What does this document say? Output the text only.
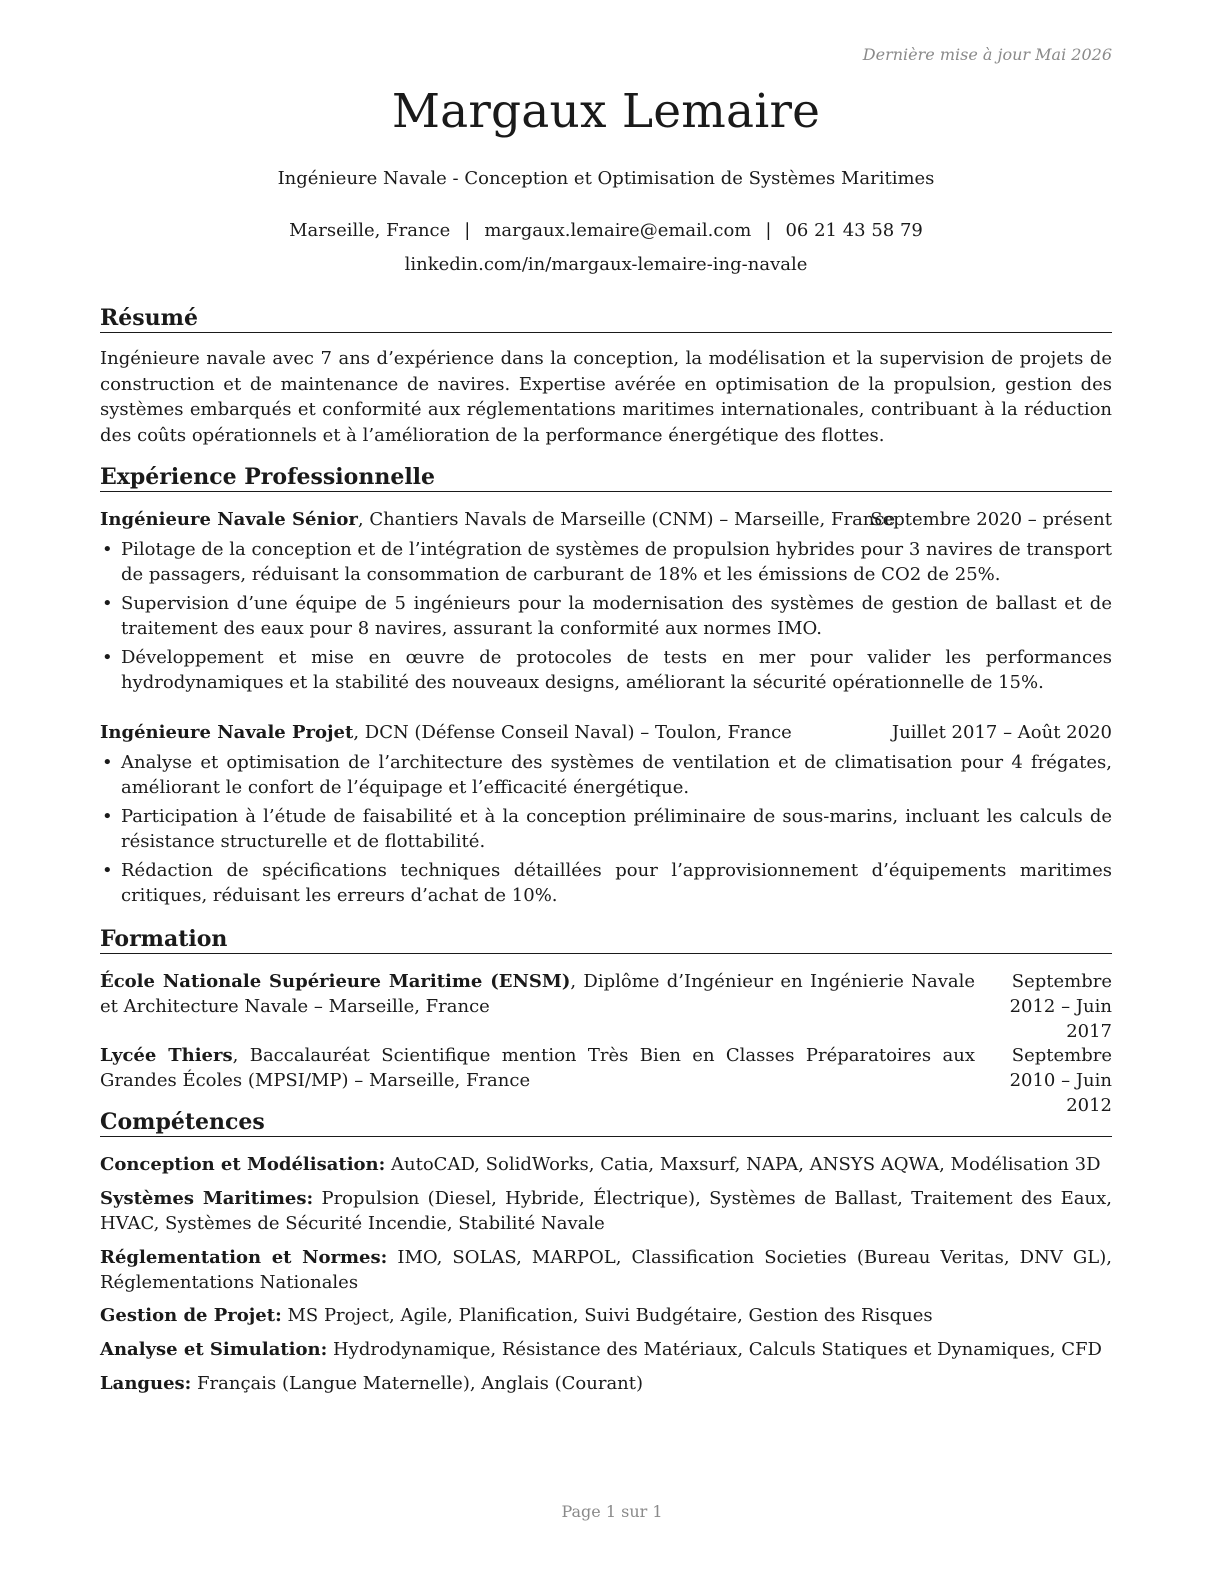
Dernière mise à jour Mai 2026
Margaux Lemaire
Ingénieure Navale - Conception et Optimisation de Systèmes Maritimes
Marseille, France | margaux.lemaire@email.com | 06 21 43 58 79
linkedin.com/in/margaux-lemaire-ing-navale
Résumé
Ingénieure navale avec 7 ans d’expérience dans la conception, la modélisation et la supervision de projets de construction et de maintenance de navires. Expertise avérée en optimisation de la propulsion, gestion des systèmes embarqués et conformité aux réglementations maritimes internationales, contribuant à la réduction des coûts opérationnels et à l’amélioration de la performance énergétique des flottes.
Expérience Professionnelle
Ingénieure Navale Sénior, Chantiers Navals de Marseille (CNM) – Marseille, France
Septembre 2020 – présent
• Pilotage de la conception et de l’intégration de systèmes de propulsion hybrides pour 3 navires de transport de passagers, réduisant la consommation de carburant de 18% et les émissions de CO2 de 25%.
• Supervision d’une équipe de 5 ingénieurs pour la modernisation des systèmes de gestion de ballast et de traitement des eaux pour 8 navires, assurant la conformité aux normes IMO.
• Développement et mise en œuvre de protocoles de tests en mer pour valider les performances hydrodynamiques et la stabilité des nouveaux designs, améliorant la sécurité opérationnelle de 15%.
Ingénieure Navale Projet, DCN (Défense Conseil Naval) – Toulon, France	Juillet 2017 – Août 2020
• Analyse et optimisation de l’architecture des systèmes de ventilation et de climatisation pour 4 frégates, améliorant le confort de l’équipage et l’efficacité énergétique.
• Participation à l’étude de faisabilité et à la conception préliminaire de sous-marins, incluant les calculs de résistance structurelle et de flottabilité.
• Rédaction de spécifications techniques détaillées pour l’approvisionnement d’équipements maritimes critiques, réduisant les erreurs d’achat de 10%.
Formation
École Nationale Supérieure Maritime (ENSM), Diplôme d’Ingénieur en Ingénierie Navale et Architecture Navale – Marseille, France
Septembre 2012 – Juin 2017
Lycée Thiers, Baccalauréat Scientifique mention Très Bien en Classes Préparatoires aux Grandes Écoles (MPSI/MP) – Marseille, France
Septembre 2010 – Juin 2012
Compétences
Conception et Modélisation: AutoCAD, SolidWorks, Catia, Maxsurf, NAPA, ANSYS AQWA, Modélisation 3D
Systèmes Maritimes: Propulsion (Diesel, Hybride, Électrique), Systèmes de Ballast, Traitement des Eaux, HVAC, Systèmes de Sécurité Incendie, Stabilité Navale
Réglementation et Normes: IMO, SOLAS, MARPOL, Classification Societies (Bureau Veritas, DNV GL), Réglementations Nationales
Gestion de Projet: MS Project, Agile, Planification, Suivi Budgétaire, Gestion des Risques
Analyse et Simulation: Hydrodynamique, Résistance des Matériaux, Calculs Statiques et Dynamiques, CFD
Langues: Français (Langue Maternelle), Anglais (Courant)
Page 1 sur 1
